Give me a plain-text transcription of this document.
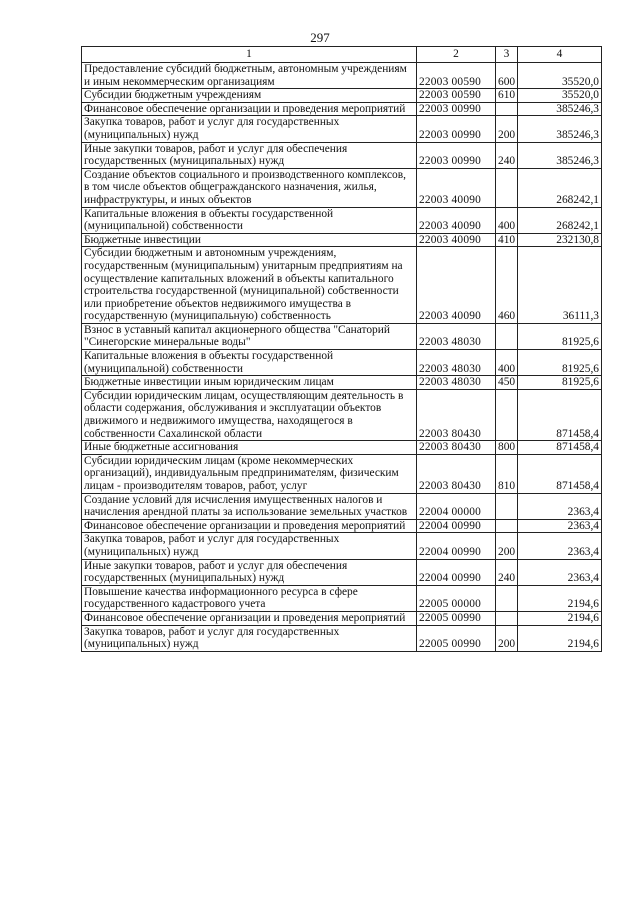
297
1	2	3	4
Предоставление субсидий бюджетным, автономным учреждениям и иным некоммерческим организациям	22003 00590	600	35520,0
Субсидии бюджетным учреждениям	22003 00590	610	35520,0
Финансовое обеспечение организации и проведения мероприятий	22003 00990		385246,3
Закупка товаров, работ и услуг для государственных (муниципальных) нужд	22003 00990	200	385246,3
Иные закупки товаров, работ и услуг для обеспечения государственных (муниципальных) нужд	22003 00990	240	385246,3
Создание объектов социального и производственного комплексов, в том числе объектов общегражданского назначения, жилья, инфраструктуры, и иных объектов	22003 40090		268242,1
Капитальные вложения в объекты государственной (муниципальной) собственности	22003 40090	400	268242,1
Бюджетные инвестиции	22003 40090	410	232130,8
Субсидии бюджетным и автономным учреждениям, государственным (муниципальным) унитарным предприятиям на осуществление капитальных вложений в объекты капитального строительства государственной (муниципальной) собственности или приобретение объектов недвижимого имущества в государственную (муниципальную) собственность	22003 40090	460	36111,3
Взнос в уставный капитал акционерного общества "Санаторий "Синегорские минеральные воды"	22003 48030		81925,6
Капитальные вложения в объекты государственной (муниципальной) собственности	22003 48030	400	81925,6
Бюджетные инвестиции иным юридическим лицам	22003 48030	450	81925,6
Субсидии юридическим лицам, осуществляющим деятельность в области содержания, обслуживания и эксплуатации объектов движимого и недвижимого имущества, находящегося в собственности Сахалинской области	22003 80430		871458,4
Иные бюджетные ассигнования	22003 80430	800	871458,4
Субсидии юридическим лицам (кроме некоммерческих организаций), индивидуальным предпринимателям, физическим лицам - производителям товаров, работ, услуг	22003 80430	810	871458,4
Создание условий для исчисления имущественных налогов и начисления арендной платы за использование земельных участков	22004 00000		2363,4
Финансовое обеспечение организации и проведения мероприятий	22004 00990		2363,4
Закупка товаров, работ и услуг для государственных (муниципальных) нужд	22004 00990	200	2363,4
Иные закупки товаров, работ и услуг для обеспечения государственных (муниципальных) нужд	22004 00990	240	2363,4
Повышение качества информационного ресурса в сфере государственного кадастрового учета	22005 00000		2194,6
Финансовое обеспечение организации и проведения мероприятий	22005 00990		2194,6
Закупка товаров, работ и услуг для государственных (муниципальных) нужд	22005 00990	200	2194,6
